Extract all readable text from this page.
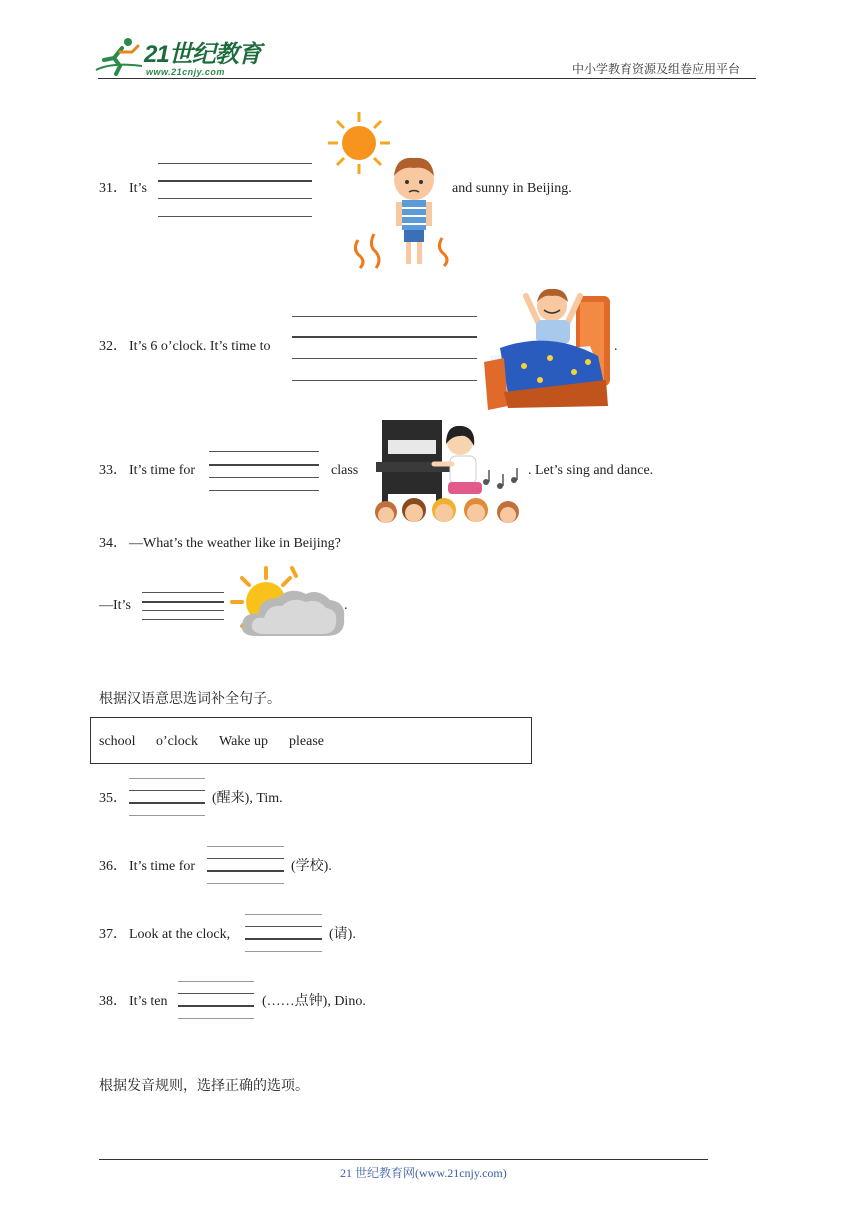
21世纪教育
www.21cnjy.com	中小学教育资源及组卷应用平台
31． It’s	and sunny in Beijing.
32． It’s 6 o’clock. It’s time to	.
33． It’s time for	class	. Let’s sing and dance.
34． —What’s the weather like in Beijing?
—It’s	.
根据汉语意思选词补全句子。
school o’clock Wake up please
35．	(醒来), Tim.
36． It’s time for	(学校).
37． Look at the clock,	(请).
38． It’s ten	(……点钟), Dino.
根据发音规则，选择正确的选项。
21 世纪教育网(www.21cnjy.com)
